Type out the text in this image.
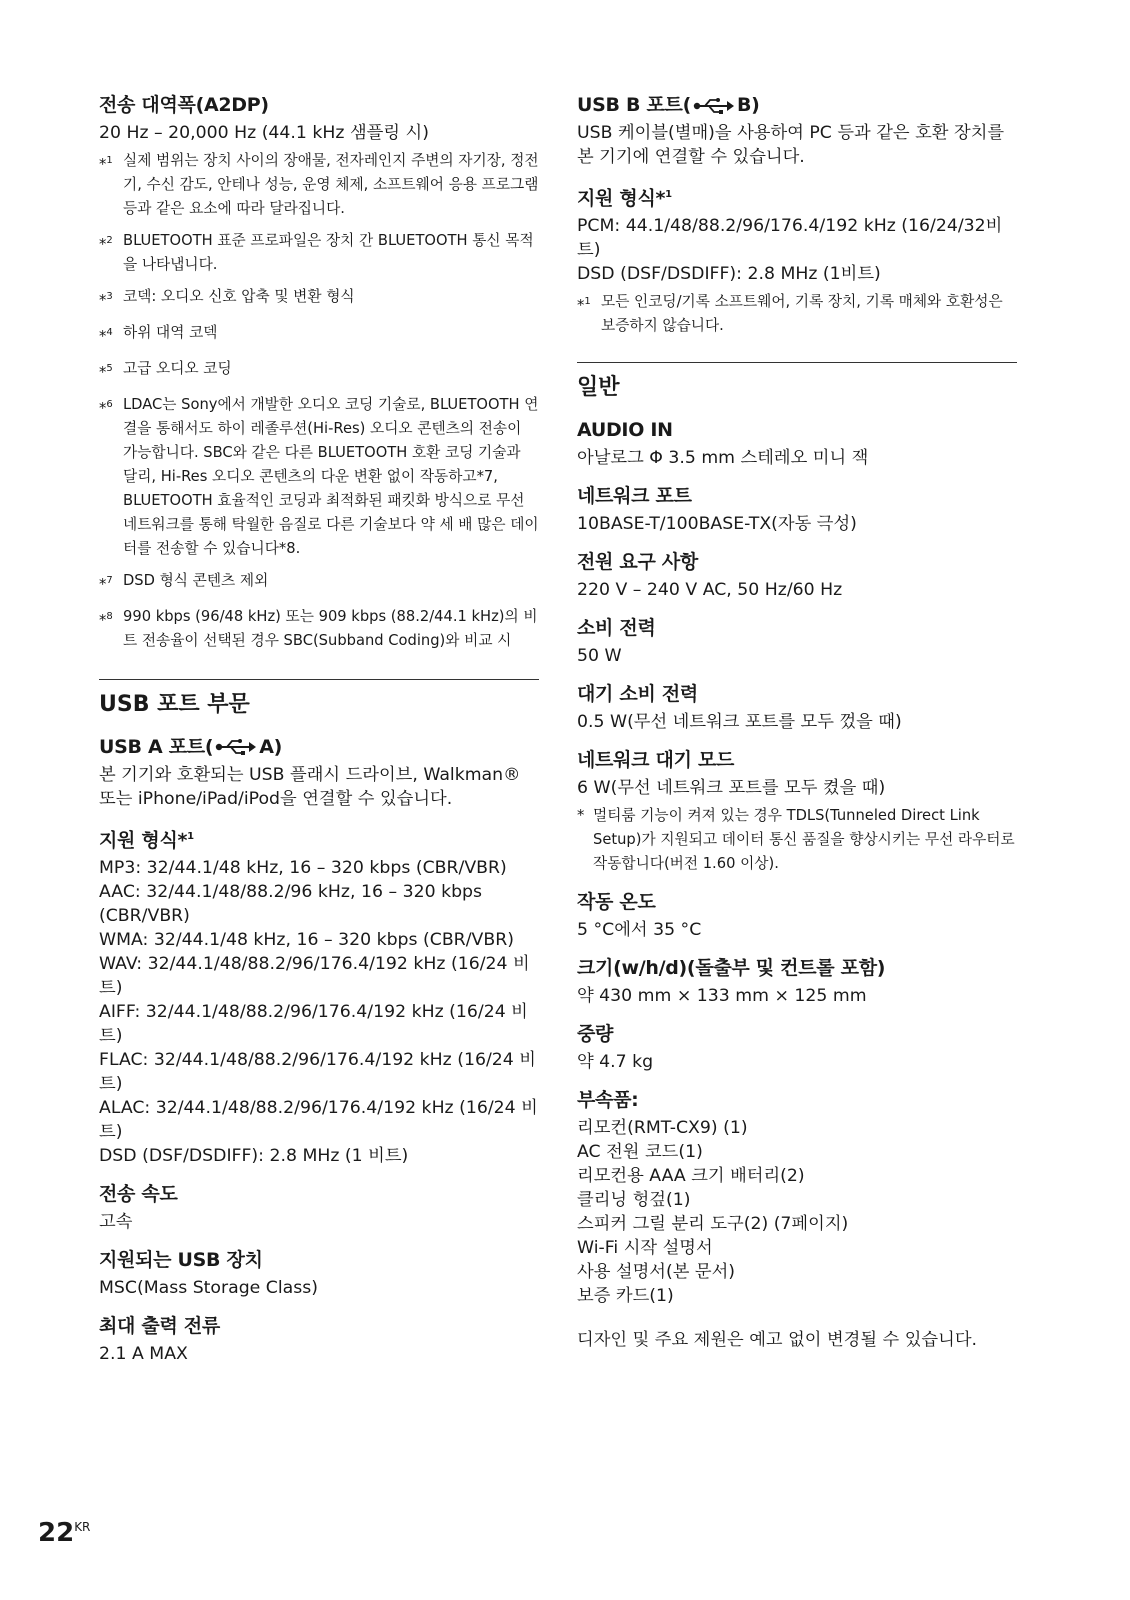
전송 대역폭(A2DP)

20 Hz – 20,000 Hz (44.1 kHz 샘플링 시)

*$^1$ 실제 범위는 장치 사이의 장애물, 전자레인지 주변의 자기장, 정전기, 수신 감도, 안테나 성능, 운영 체제, 소프트웨어 응용 프로그램 등과 같은 요소에 따라 달라집니다.
*$^2$ BLUETOOTH 표준 프로파일은 장치 간 BLUETOOTH 통신 목적을 나타냅니다.
*$^3$ 코덱: 오디오 신호 압축 및 변환 형식
*$^4$ 하위 대역 코덱
*$^5$ 고급 오디오 코딩
*$^6$ LDAC는 Sony에서 개발한 오디오 코딩 기술로, BLUETOOTH 연결을 통해서도 하이 레졸루션(Hi-Res) 오디오 콘텐츠의 전송이 가능합니다. SBC와 같은 다른 BLUETOOTH 호환 코딩 기술과 달리, Hi-Res 오디오 콘텐츠의 다운 변환 없이 작동하고*7, BLUETOOTH 효율적인 코딩과 최적화된 패킷화 방식으로 무선 네트워크를 통해 탁월한 음질로 다른 기술보다 약 세 배 많은 데이터를 전송할 수 있습니다*8.
*$^7$ DSD 형식 콘텐츠 제외
*$^8$ 990 kbps (96/48 kHz) 또는 909 kbps (88.2/44.1 kHz)의 비트 전송율이 선택된 경우 SBC(Subband Coding)와 비교 시
USB 포트 부문
USB A 포트( A)

본 기기와 호환되는 USB 플래시 드라이브, Walkman® 또는 iPhone/iPad/iPod을 연결할 수 있습니다.

지원 형식*$^1$

MP3: 32/44.1/48 kHz, 16 – 320 kbps (CBR/VBR)

AAC: 32/44.1/48/88.2/96 kHz, 16 – 320 kbps (CBR/VBR)

WMA: 32/44.1/48 kHz, 16 – 320 kbps (CBR/VBR)

WAV: 32/44.1/48/88.2/96/176.4/192 kHz (16/24 비트)

AIFF: 32/44.1/48/88.2/96/176.4/192 kHz (16/24 비트)

FLAC: 32/44.1/48/88.2/96/176.4/192 kHz (16/24 비트)

ALAC: 32/44.1/48/88.2/96/176.4/192 kHz (16/24 비트)

DSD (DSF/DSDIFF): 2.8 MHz (1 비트)

전송 속도

고속

지원되는 USB 장치

MSC(Mass Storage Class)

최대 출력 전류

2.1 A MAX

USB B 포트( B)

USB 케이블(별매)을 사용하여 PC 등과 같은 호환 장치를 본 기기에 연결할 수 있습니다.

지원 형식*$^1$

PCM: 44.1/48/88.2/96/176.4/192 kHz (16/24/32비트)

DSD (DSF/DSDIFF): 2.8 MHz (1비트)

*$^1$ 모든 인코딩/기록 소프트웨어, 기록 장치, 기록 매체와 호환성은 보증하지 않습니다.
일반
AUDIO IN

아날로그 Φ 3.5 mm 스테레오 미니 잭

네트워크 포트

10BASE-T/100BASE-TX(자동 극성)

전원 요구 사항

220 V – 240 V AC, 50 Hz/60 Hz

소비 전력

50 W

대기 소비 전력

0.5 W(무선 네트워크 포트를 모두 껐을 때)

네트워크 대기 모드

6 W(무선 네트워크 포트를 모두 켰을 때)

* 멀티룸 기능이 켜져 있는 경우 TDLS(Tunneled Direct Link Setup)가 지원되고 데이터 통신 품질을 향상시키는 무선 라우터로 작동합니다(버전 1.60 이상).
작동 온도

5 °C에서 35 °C

크기(w/h/d)(돌출부 및 컨트롤 포함)

약 430 mm × 133 mm × 125 mm

중량

약 4.7 kg

부속품:

리모컨(RMT-CX9) (1)

AC 전원 코드(1)

리모컨용 AAA 크기 배터리(2)

클리닝 헝겊(1)

스피커 그릴 분리 도구(2) (7페이지)

Wi-Fi 시작 설명서

사용 설명서(본 문서)

보증 카드(1)

디자인 및 주요 제원은 예고 없이 변경될 수 있습니다.

$22^{KR}$
